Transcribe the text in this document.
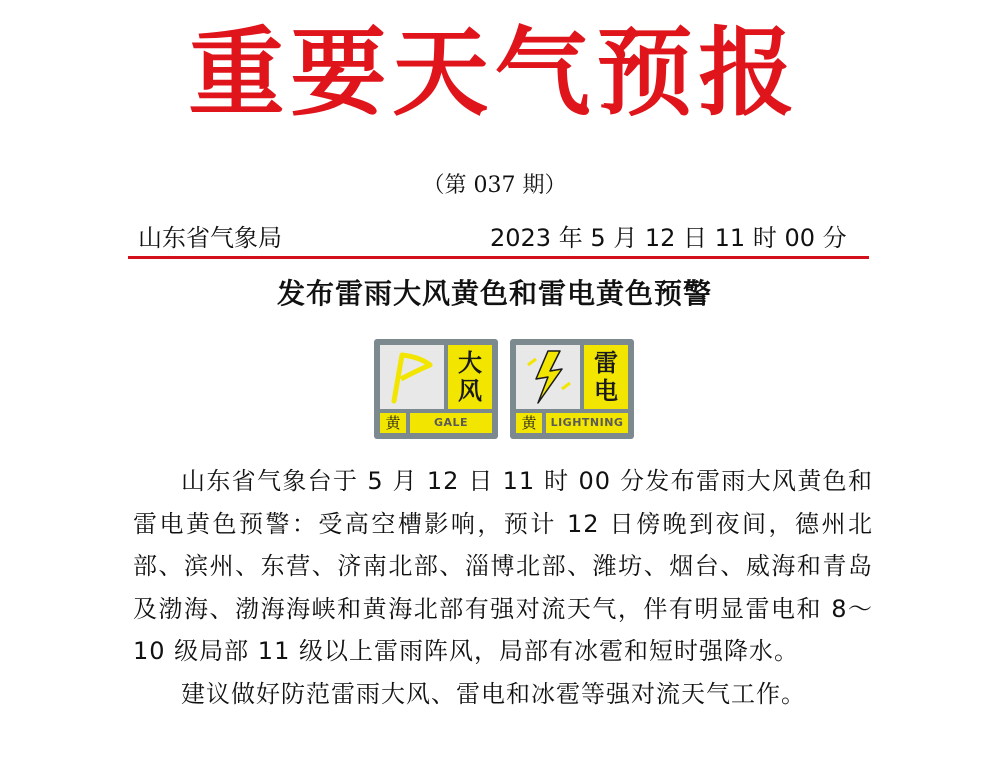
重要天气预报
（第 037 期）
山东省气象局	2023 年 5 月 12 日 11 时 00 分
发布雷雨大风黄色和雷电黄色预警
大
风
黄	GALE
雷
电
黄	LIGHTNING

山东省气象台于 5 月 12 日 11 时 00 分发布雷雨大风黄色和雷电黄色预警：受高空槽影响，预计 12 日傍晚到夜间，德州北部、滨州、东营、济南北部、淄博北部、潍坊、烟台、威海和青岛及渤海、渤海海峡和黄海北部有强对流天气，伴有明显雷电和 8～10 级局部 11 级以上雷雨阵风，局部有冰雹和短时强降水。

建议做好防范雷雨大风、雷电和冰雹等强对流天气工作。
